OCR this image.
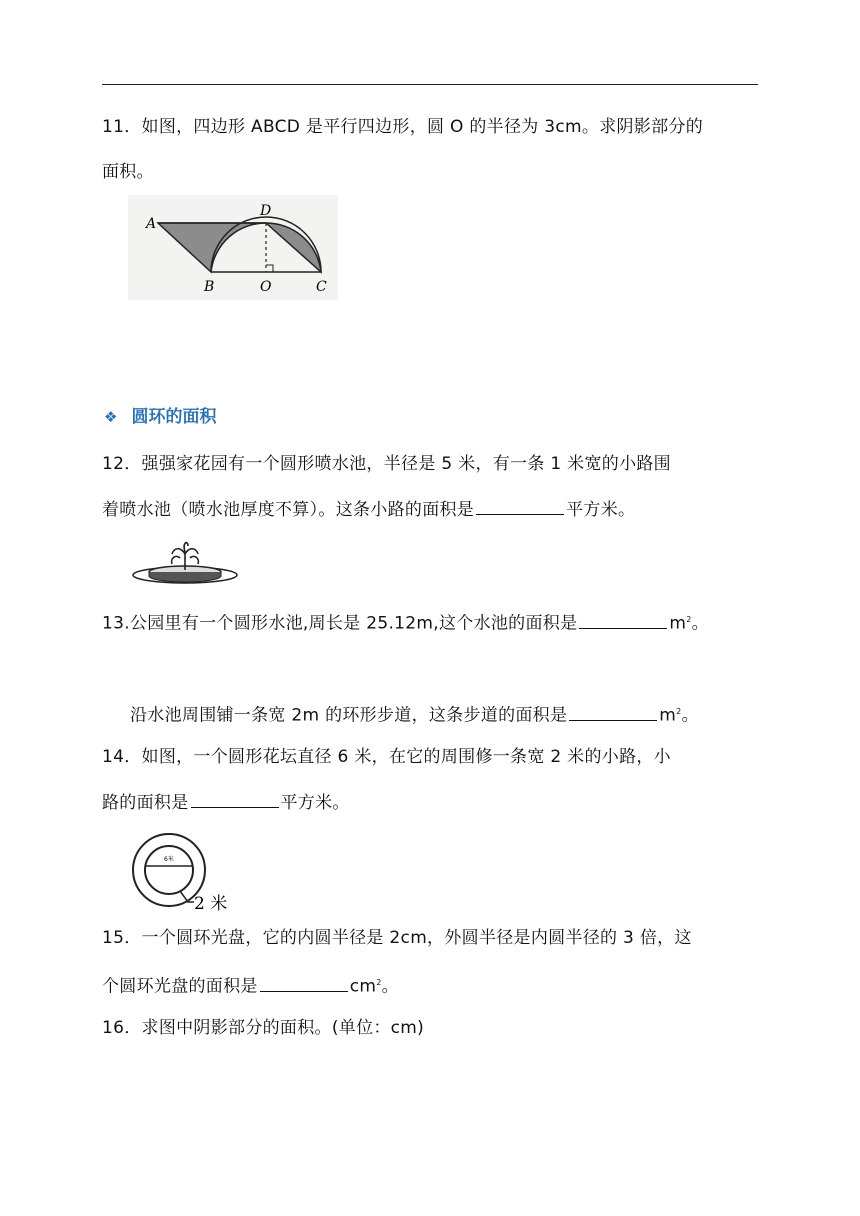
11．如图，四边形 ABCD 是平行四边形，圆 O 的半径为 3cm。求阴影部分的
面积。
A
D
B	O	C
❖ 圆环的面积
12．强强家花园有一个圆形喷水池，半径是 5 米，有一条 1 米宽的小路围
着喷水池（喷水池厚度不算）。这条小路的面积是	平方米。
13.公园里有一个圆形水池,周长是 25.12m,这个水池的面积是	$m^2$。
沿水池周围铺一条宽 2m 的环形步道，这条步道的面积是	$m^2$。
14．如图，一个圆形花坛直径 6 米，在它的周围修一条宽 2 米的小路，小
路的面积是	平方米。
6米
2 米
15．一个圆环光盘，它的内圆半径是 2cm，外圆半径是内圆半径的 3 倍，这
个圆环光盘的面积是	$cm^2$。
16．求图中阴影部分的面积。(单位：cm)
